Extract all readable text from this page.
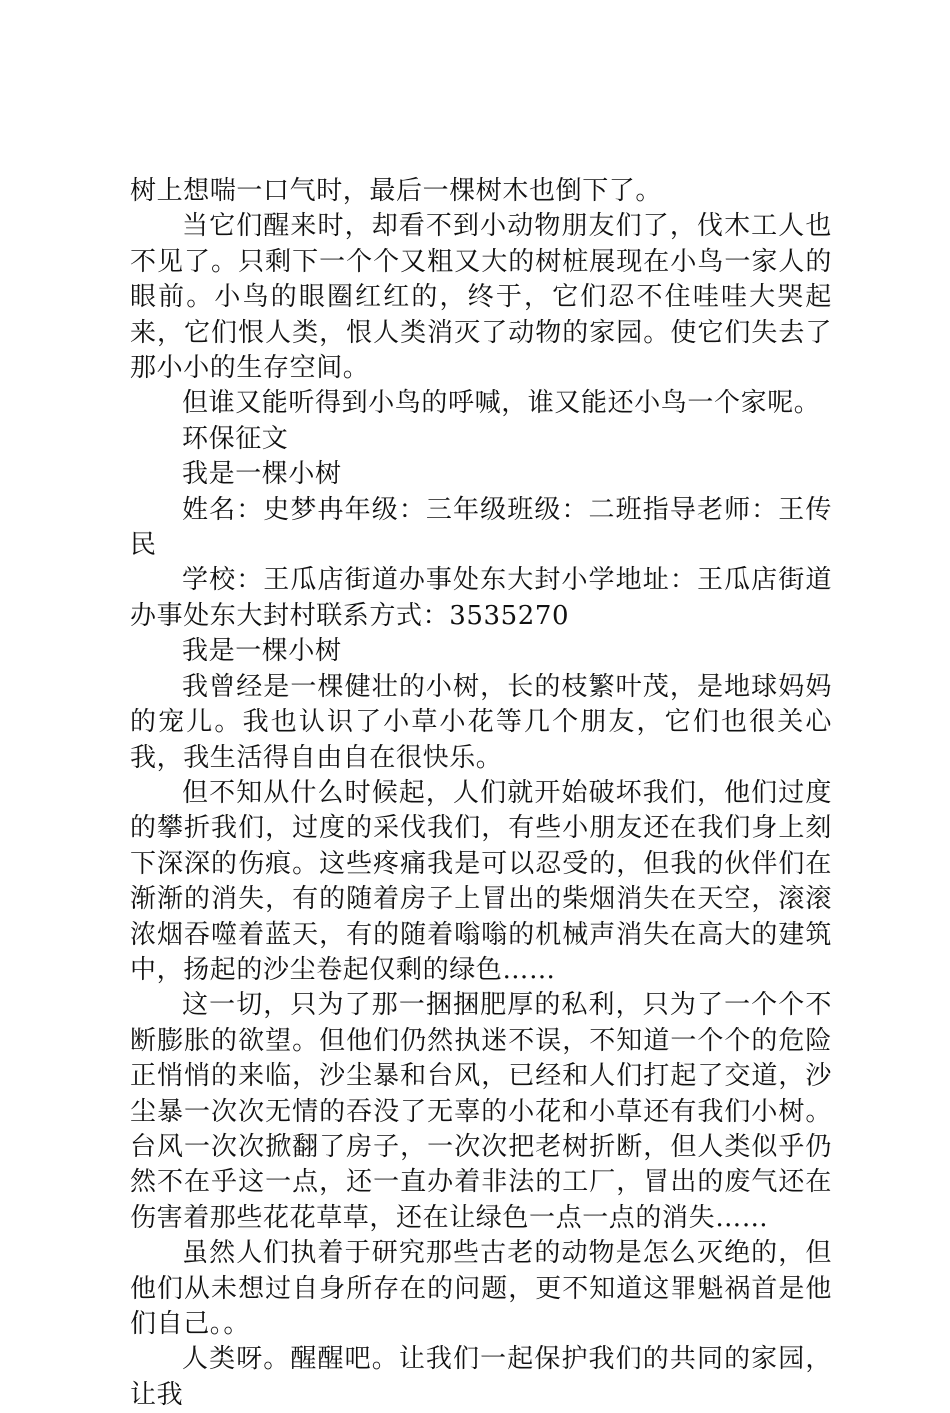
树上想喘一口气时，最后一棵树木也倒下了。

当它们醒来时，却看不到小动物朋友们了，伐木工人也不见了。只剩下一个个又粗又大的树桩展现在小鸟一家人的眼前。小鸟的眼圈红红的，终于，它们忍不住哇哇大哭起来，它们恨人类，恨人类消灭了动物的家园。使它们失去了那小小的生存空间。

但谁又能听得到小鸟的呼喊，谁又能还小鸟一个家呢。

环保征文

我是一棵小树

姓名：史梦冉年级：三年级班级：二班指导老师：王传民

学校：王瓜店街道办事处东大封小学地址：王瓜店街道办事处东大封村联系方式：3535270

我是一棵小树

我曾经是一棵健壮的小树，长的枝繁叶茂，是地球妈妈的宠儿。我也认识了小草小花等几个朋友，它们也很关心我，我生活得自由自在很快乐。

但不知从什么时候起，人们就开始破坏我们，他们过度的攀折我们，过度的采伐我们，有些小朋友还在我们身上刻下深深的伤痕。这些疼痛我是可以忍受的，但我的伙伴们在渐渐的消失，有的随着房子上冒出的柴烟消失在天空，滚滚浓烟吞噬着蓝天，有的随着嗡嗡的机械声消失在高大的建筑中，扬起的沙尘卷起仅剩的绿色……

这一切，只为了那一捆捆肥厚的私利，只为了一个个不断膨胀的欲望。但他们仍然执迷不误，不知道一个个的危险正悄悄的来临，沙尘暴和台风，已经和人们打起了交道，沙尘暴一次次无情的吞没了无辜的小花和小草还有我们小树。台风一次次掀翻了房子，一次次把老树折断，但人类似乎仍然不在乎这一点，还一直办着非法的工厂，冒出的废气还在伤害着那些花花草草，还在让绿色一点一点的消失……

虽然人们执着于研究那些古老的动物是怎么灭绝的，但他们从未想过自身所存在的问题，更不知道这罪魁祸首是他们自己。。

人类呀。醒醒吧。让我们一起保护我们的共同的家园，让我
